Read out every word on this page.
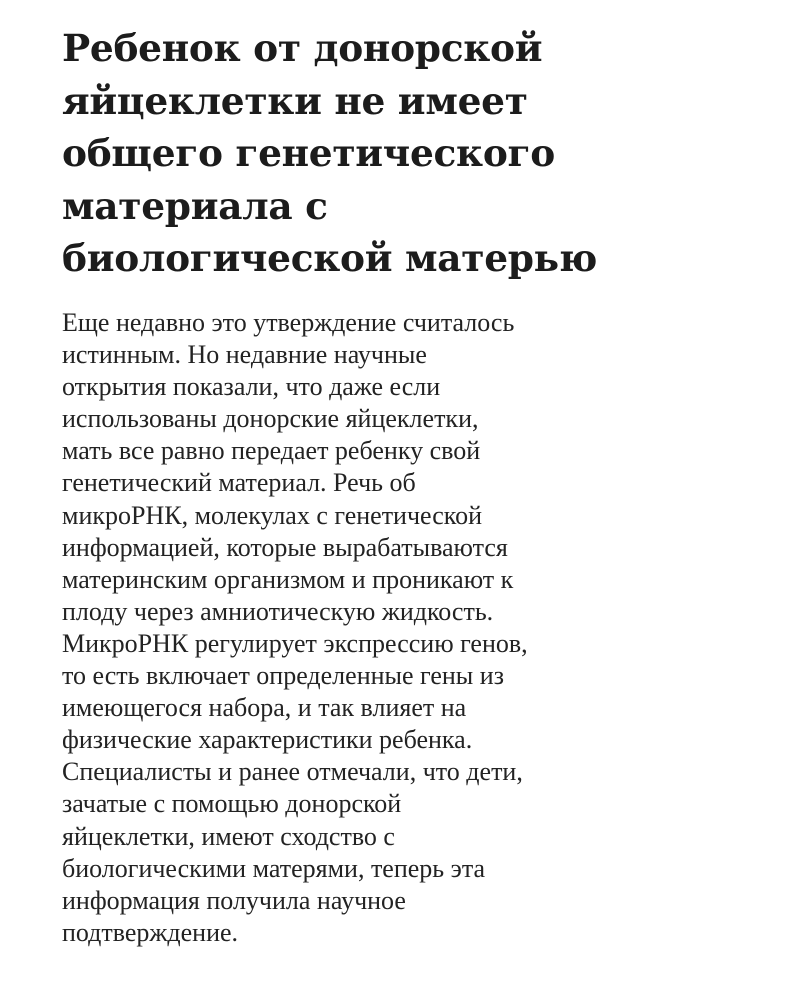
Ребенок от донорской
яйцеклетки не имеет
общего генетического
материала с
биологической матерью

Еще недавно это утверждение считалось
истинным. Но недавние научные
открытия показали, что даже если
использованы донорские яйцеклетки,
мать все равно передает ребенку свой
генетический материал. Речь об
микроРНК, молекулах с генетической
информацией, которые вырабатываются
материнским организмом и проникают к
плоду через амниотическую жидкость.
МикроРНК регулирует экспрессию генов,
то есть включает определенные гены из
имеющегося набора, и так влияет на
физические характеристики ребенка.
Специалисты и ранее отмечали, что дети,
зачатые с помощью донорской
яйцеклетки, имеют сходство с
биологическими матерями, теперь эта
информация получила научное
подтверждение.
